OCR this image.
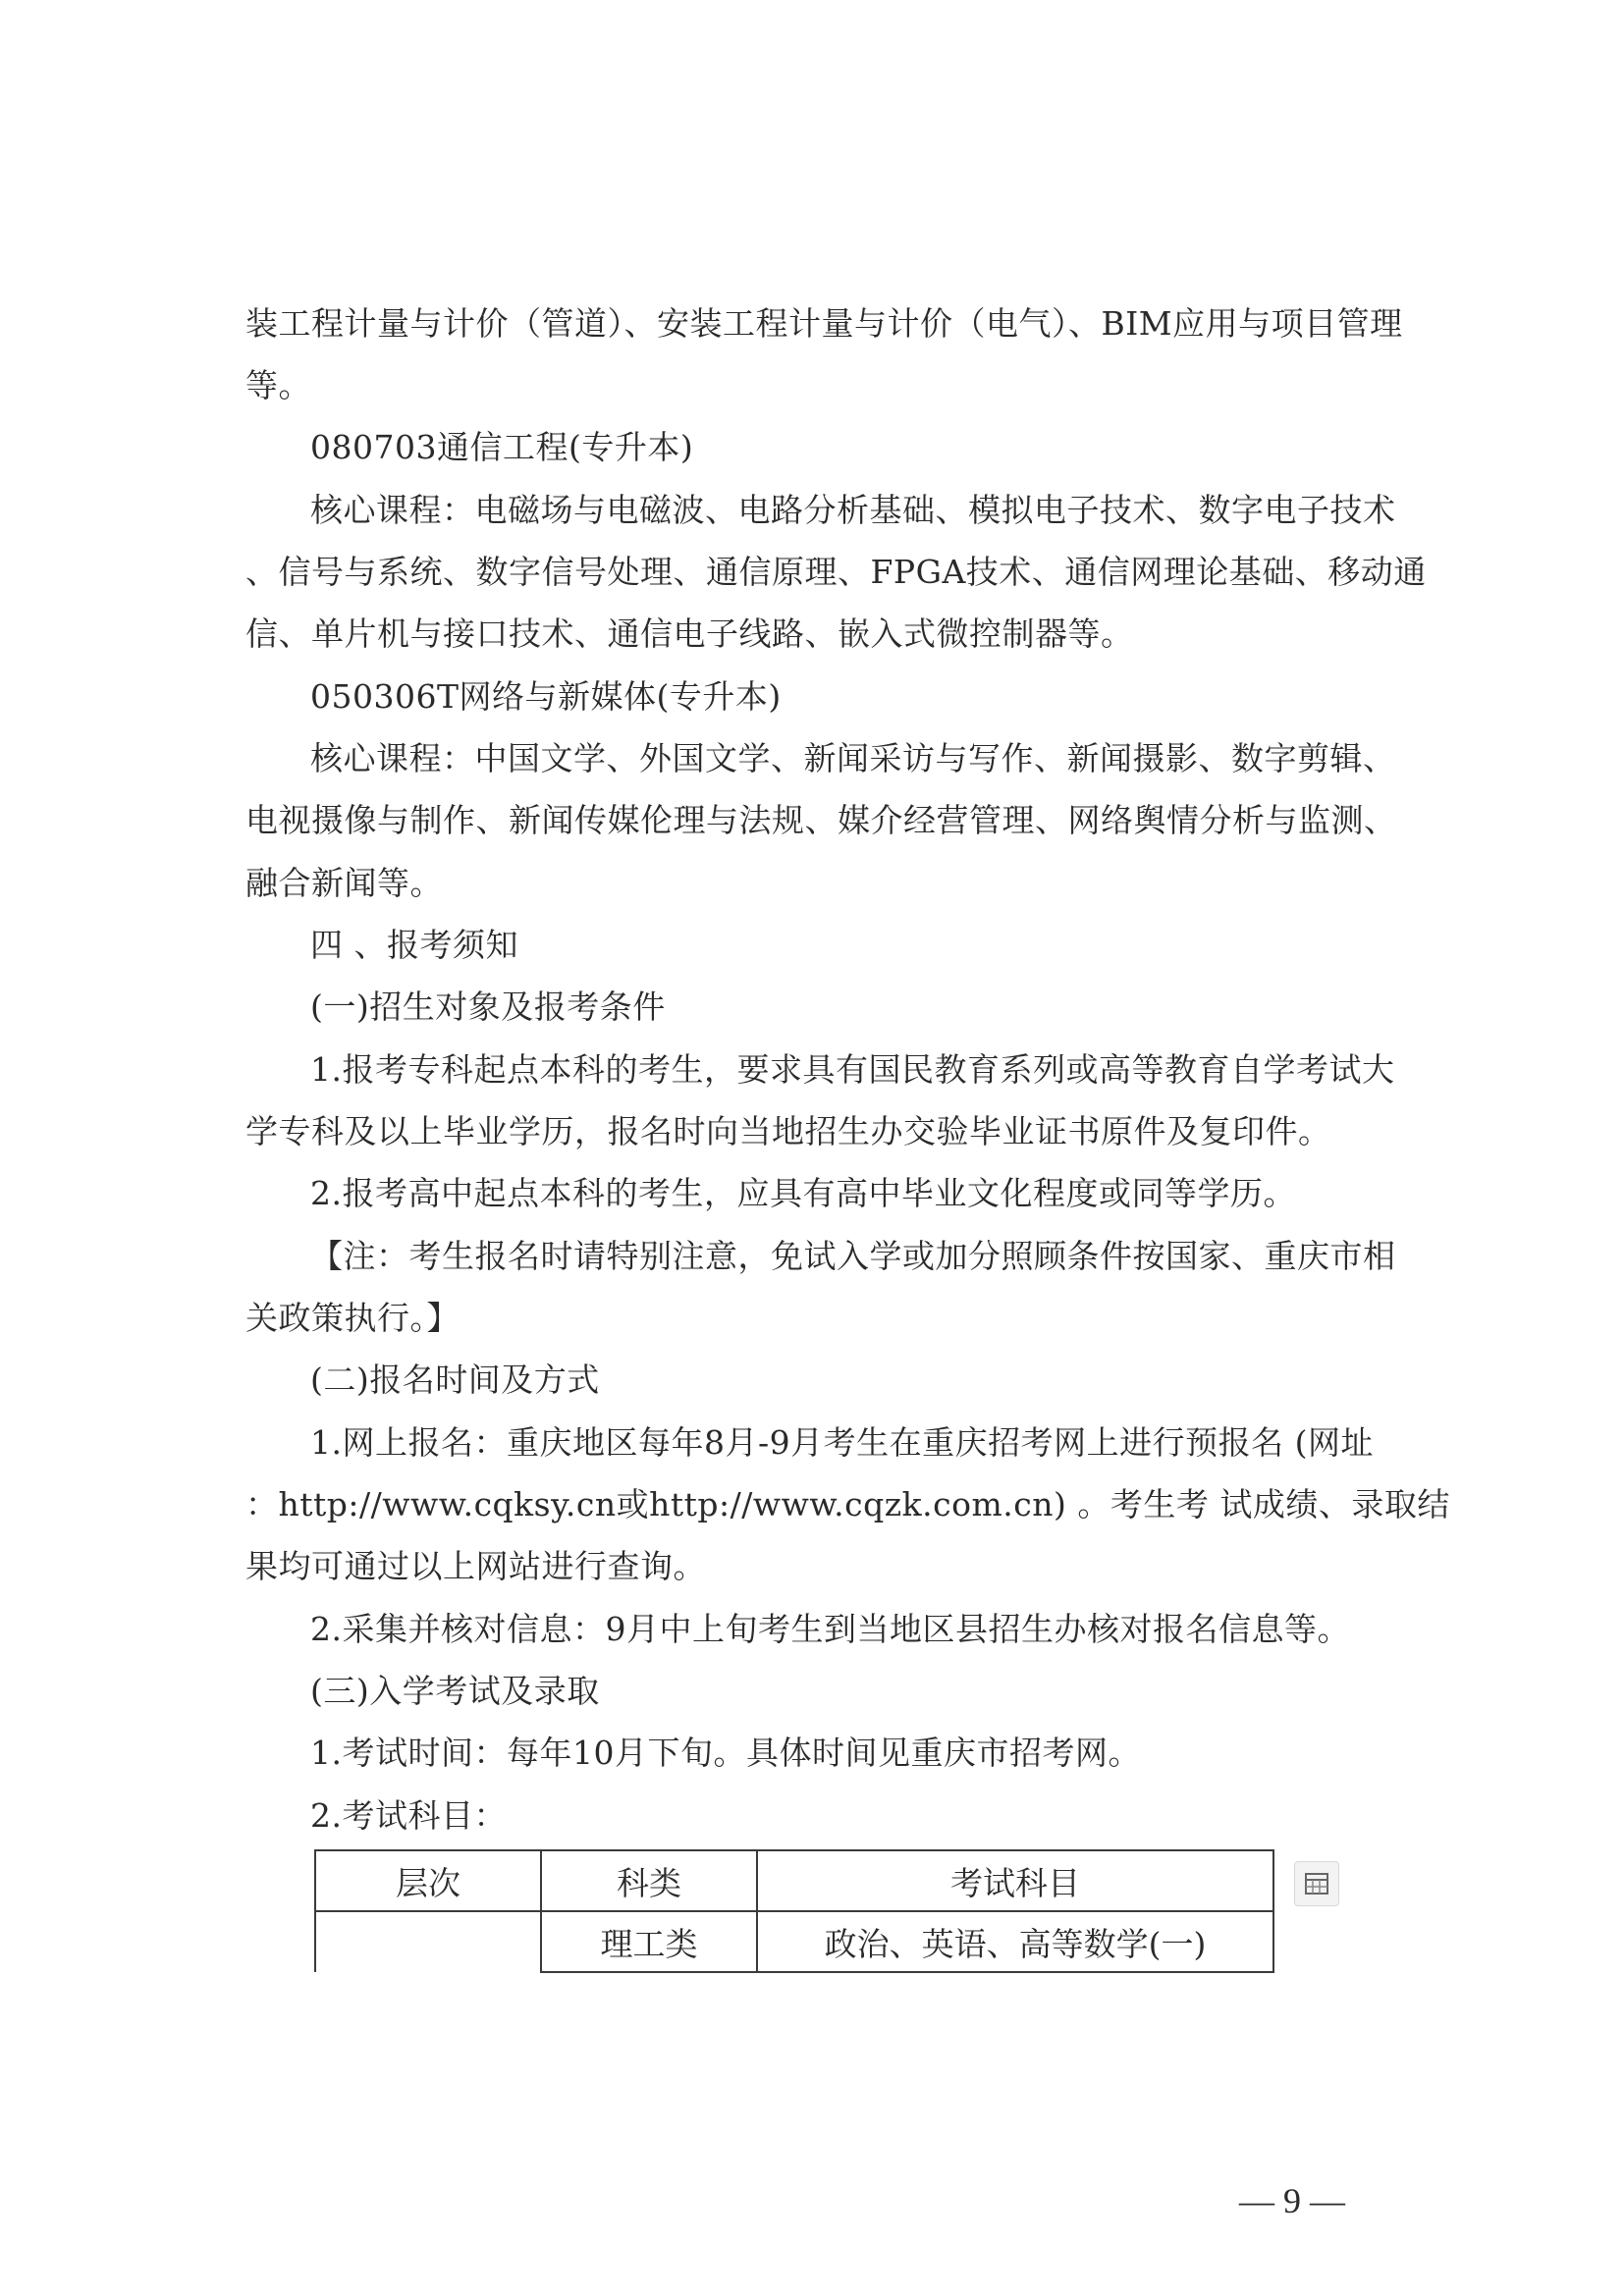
装工程计量与计价（管道）、安装工程计量与计价（电气）、BIM应用与项目管理
等。
080703通信工程(专升本)
核心课程：电磁场与电磁波、电路分析基础、模拟电子技术、数字电子技术
、信号与系统、数字信号处理、通信原理、FPGA技术、通信网理论基础、移动通
信、单片机与接口技术、通信电子线路、嵌入式微控制器等。
050306T网络与新媒体(专升本)
核心课程：中国文学、外国文学、新闻采访与写作、新闻摄影、数字剪辑、
电视摄像与制作、新闻传媒伦理与法规、媒介经营管理、网络舆情分析与监测、
融合新闻等。
四 、报考须知
(一)招生对象及报考条件
1.报考专科起点本科的考生，要求具有国民教育系列或高等教育自学考试大
学专科及以上毕业学历，报名时向当地招生办交验毕业证书原件及复印件。
2.报考高中起点本科的考生，应具有高中毕业文化程度或同等学历。
【注：考生报名时请特别注意，免试入学或加分照顾条件按国家、重庆市相
关政策执行。】
(二)报名时间及方式
1.网上报名：重庆地区每年8月-9月考生在重庆招考网上进行预报名 (网址
：http://www.cqksy.cn或http://www.cqzk.com.cn) 。考生考 试成绩、录取结
果均可通过以上网站进行查询。
2.采集并核对信息：9月中上旬考生到当地区县招生办核对报名信息等。
(三)入学考试及录取
1.考试时间：每年10月下旬。具体时间见重庆市招考网。
2.考试科目：
层次	科类	考试科目
	理工类	政治、英语、高等数学(一)
— 9 —
